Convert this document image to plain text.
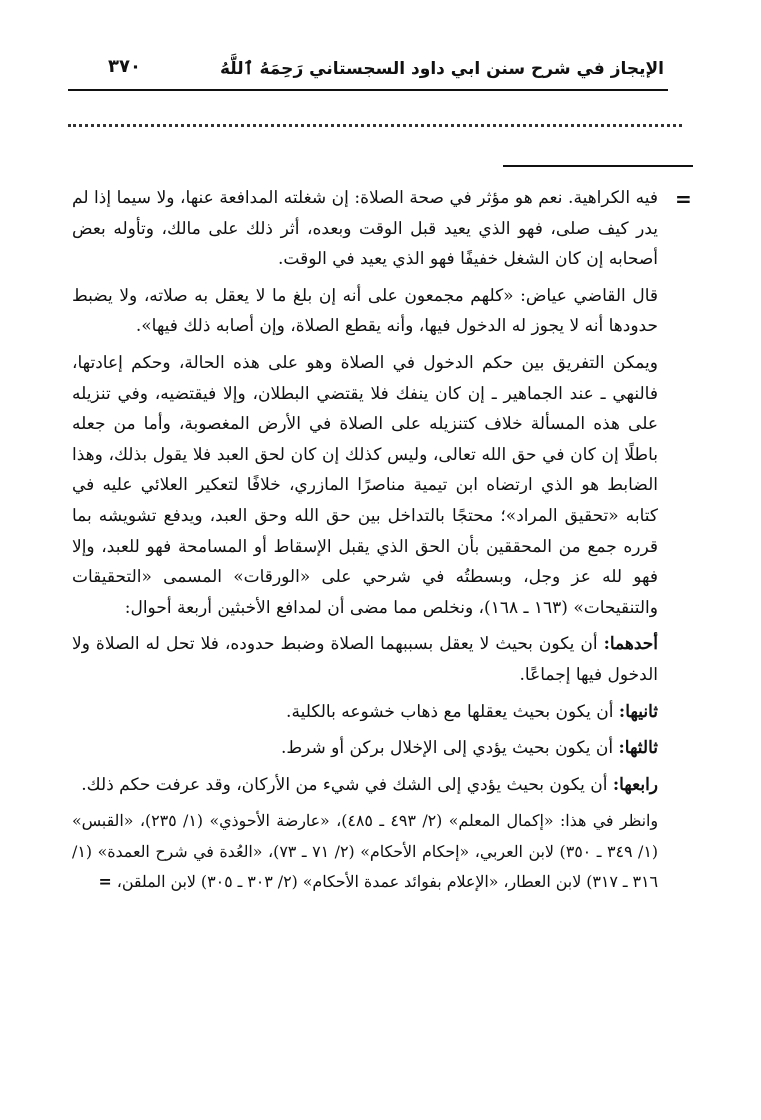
الإيجاز في شرح سنن ابي داود السجستاني رَحِمَهُ ٱللَّهُ
٣٧٠
=

فيه الكراهية. نعم هو مؤثر في صحة الصلاة: إن شغلته المدافعة عنها، ولا سيما إذا لم يدر كيف صلى، فهو الذي يعيد قبل الوقت وبعده، أثر ذلك على مالك، وتأوله بعض أصحابه إن كان الشغل خفيفًا فهو الذي يعيد في الوقت.

قال القاضي عياض: «كلهم مجمعون على أنه إن بلغ ما لا يعقل به صلاته، ولا يضبط حدودها أنه لا يجوز له الدخول فيها، وأنه يقطع الصلاة، وإن أصابه ذلك فيها».

ويمكن التفريق بين حكم الدخول في الصلاة وهو على هذه الحالة، وحكم إعادتها، فالنهي ـ عند الجماهير ـ إن كان ينفك فلا يقتضي البطلان، وإلا فيقتضيه، وفي تنزيله على هذه المسألة خلاف كتنزيله على الصلاة في الأرض المغصوبة، وأما من جعله باطلًا إن كان في حق الله تعالى، وليس كذلك إن كان لحق العبد فلا يقول بذلك، وهذا الضابط هو الذي ارتضاه ابن تيمية مناصرًا المازري، خلافًا لتعكير العلائي عليه في كتابه «تحقيق المراد»؛ محتجًا بالتداخل بين حق الله وحق العبد، ويدفع تشويشه بما قرره جمع من المحققين بأن الحق الذي يقبل الإسقاط أو المسامحة فهو للعبد، وإلا فهو لله عز وجل، وبسطتُه في شرحي على «الورقات» المسمى «التحقيقات والتنقيحات» (١٦٣ ـ ١٦٨)، ونخلص مما مضى أن لمدافع الأخبثين أربعة أحوال:

أحدهما: أن يكون بحيث لا يعقل بسببهما الصلاة وضبط حدوده، فلا تحل له الصلاة ولا الدخول فيها إجماعًا.

ثانيها: أن يكون بحيث يعقلها مع ذهاب خشوعه بالكلية.

ثالثها: أن يكون بحيث يؤدي إلى الإخلال بركن أو شرط.

رابعها: أن يكون بحيث يؤدي إلى الشك في شيء من الأركان، وقد عرفت حكم ذلك.

وانظر في هذا: «إكمال المعلم» (٢/ ٤٩٣ ـ ٤٨٥)، «عارضة الأحوذي» (١/ ٢٣٥)، «القبس» (١/ ٣٤٩ ـ ٣٥٠) لابن العربي، «إحكام الأحكام» (٢/ ٧١ ـ ٧٣)، «العُدة في شرح العمدة» (١/ ٣١٦ ـ ٣١٧) لابن العطار، «الإعلام بفوائد عمدة الأحكام» (٢/ ٣٠٣ ـ ٣٠٥) لابن الملقن، =
